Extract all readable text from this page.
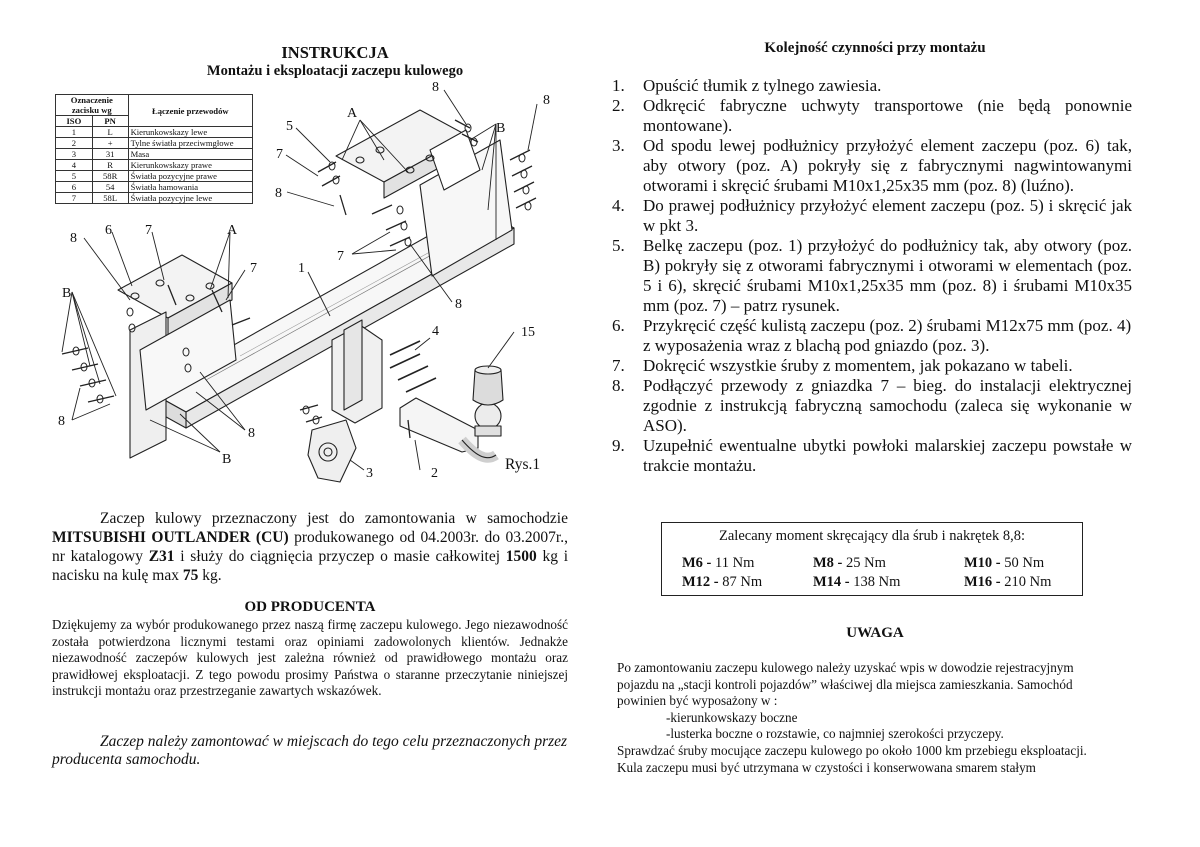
INSTRUKCJA
Montażu i eksploatacji zaczepu kulowego
Oznaczenie zacisku wg		Łączenie przewodów
ISO	PN	
1	L	Kierunkowskazy lewe
2	+	Tylne światła przeciwmgłowe
3	31	Masa
4	R	Kierunkowskazy prawe
5	58R	Światła pozycyjne prawe
6	54	Światła hamowania
7	58L	Światła pozycyjne lewe
8
8
5
A
B
7
8
8
6 7	A
7	1
7
B
8
4	15
8
8
B
3	2
Rys.1
Zaczep kulowy przeznaczony jest do zamontowania w samochodzie MITSUBISHI OUTLANDER (CU) produkowanego od 04.2003r. do 03.2007r., nr katalogowy Z31 i służy do ciągnięcia przyczep o masie całkowitej 1500 kg i nacisku na kulę max 75 kg.
OD PRODUCENTA
Dziękujemy za wybór produkowanego przez naszą firmę zaczepu kulowego. Jego niezawodność została potwierdzona licznymi testami oraz opiniami zadowolonych klientów. Jednakże niezawodność zaczepów kulowych jest zależna również od prawidłowego montażu oraz prawidłowej eksploatacji. Z tego powodu prosimy Państwa o staranne przeczytanie niniejszej instrukcji montażu oraz przestrzeganie zawartych wskazówek.
Zaczep należy zamontować w miejscach do tego celu przeznaczonych przez producenta samochodu.
Kolejność czynności przy montażu
1. Opuścić tłumik z tylnego zawiesia.
2. Odkręcić fabryczne uchwyty transportowe (nie będą ponownie montowane).
3. Od spodu lewej podłużnicy przyłożyć element zaczepu (poz. 6) tak, aby otwory (poz. A) pokryły się z fabrycznymi nagwintowanymi otworami i skręcić śrubami M10x1,25x35 mm (poz. 8) (luźno).
4. Do prawej podłużnicy przyłożyć element zaczepu (poz. 5) i skręcić jak w pkt 3.
5. Belkę zaczepu (poz. 1) przyłożyć do podłużnicy tak, aby otwory (poz. B) pokryły się z otworami fabrycznymi i otworami w elementach (poz. 5 i 6), skręcić śrubami M10x1,25x35 mm (poz. 8) i śrubami M10x35 mm (poz. 7) – patrz rysunek.
6. Przykręcić część kulistą zaczepu (poz. 2) śrubami M12x75 mm (poz. 4)
z wyposażenia wraz z blachą pod gniazdo (poz. 3).
7. Dokręcić wszystkie śruby z momentem, jak pokazano w tabeli.
8. Podłączyć przewody z gniazdka 7 – bieg. do instalacji elektrycznej zgodnie z instrukcją fabryczną samochodu (zaleca się wykonanie w ASO).
9. Uzupełnić ewentualne ubytki powłoki malarskiej zaczepu powstałe w trakcie montażu.
Zalecany moment skręcający dla śrub i nakrętek 8,8:
M6 - 11 Nm	M8 - 25 Nm	M10 - 50 Nm
M12 - 87 Nm	M14 - 138 Nm	M16 - 210 Nm
UWAGA
Po zamontowaniu zaczepu kulowego należy uzyskać wpis w dowodzie rejestracyjnym
pojazdu na „stacji kontroli pojazdów” właściwej dla miejsca zamieszkania. Samochód
powinien być wyposażony w :
-kierunkowskazy boczne
-lusterka boczne o rozstawie, co najmniej szerokości przyczepy.
Sprawdzać śruby mocujące zaczepu kulowego po około 1000 km przebiegu eksploatacji.
Kula zaczepu musi być utrzymana w czystości i konserwowana smarem stałym
